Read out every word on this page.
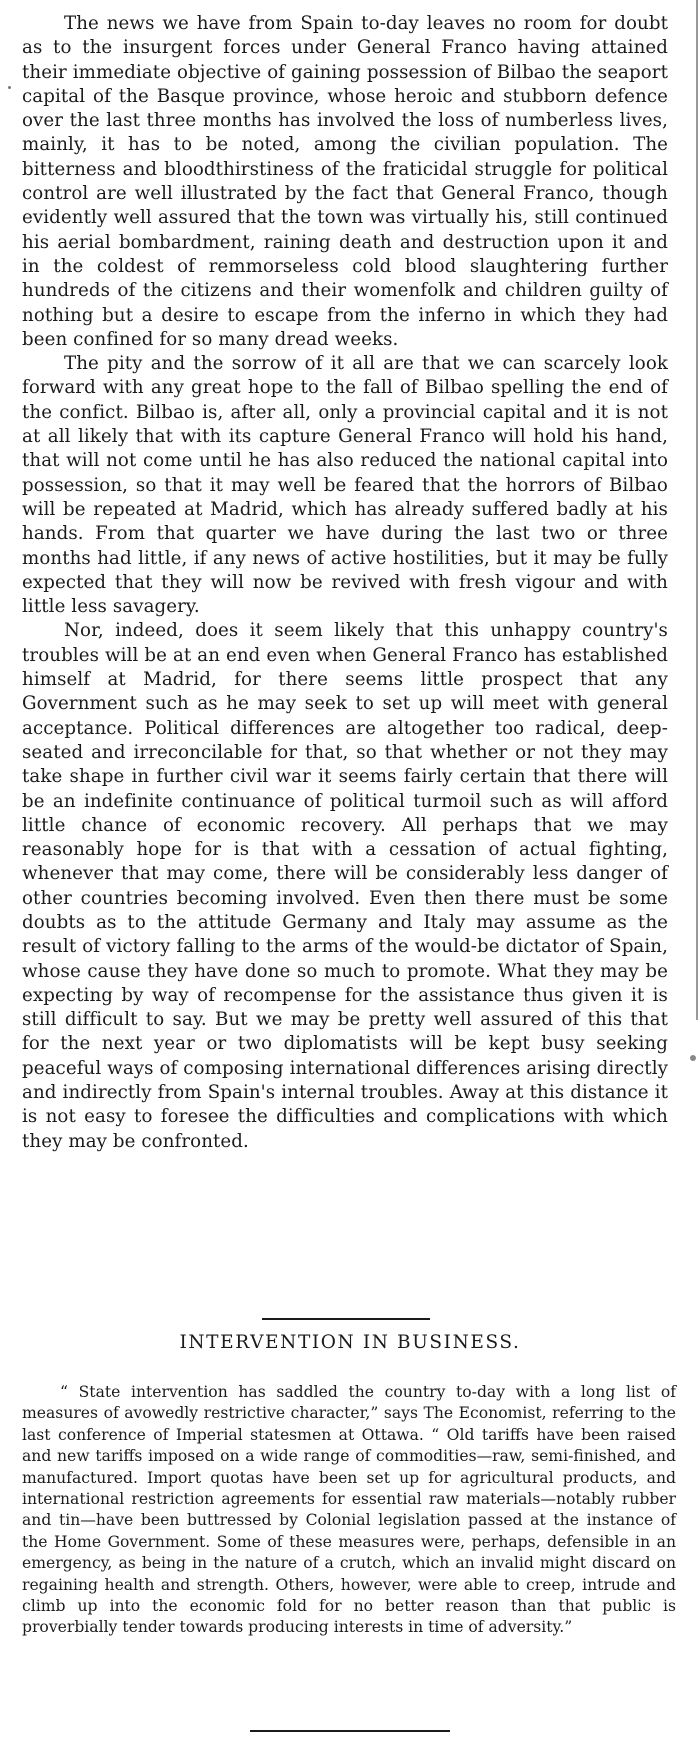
The news we have from Spain to-day leaves no room for doubt as to the insurgent forces under General Franco having attained their immediate objective of gaining possession of Bilbao the seaport capital of the Basque province, whose heroic and stubborn defence over the last three months has involved the loss of numberless lives, mainly, it has to be noted, among the civilian population. The bitterness and bloodthirstiness of the fraticidal struggle for political control are well illustrated by the fact that General Franco, though evidently well assured that the town was virtually his, still continued his aerial bombardment, raining death and destruction upon it and in the coldest of remmorseless cold blood slaughtering further hundreds of the citizens and their womenfolk and children guilty of nothing but a desire to escape from the inferno in which they had been confined for so many dread weeks.

The pity and the sorrow of it all are that we can scarcely look forward with any great hope to the fall of Bilbao spelling the end of the confict. Bilbao is, after all, only a provincial capital and it is not at all likely that with its capture General Franco will hold his hand, that will not come until he has also reduced the national capital into possession, so that it may well be feared that the horrors of Bilbao will be repeated at Madrid, which has already suffered badly at his hands. From that quarter we have during the last two or three months had little, if any news of active hostilities, but it may be fully expected that they will now be revived with fresh vigour and with little less savagery.

Nor, indeed, does it seem likely that this unhappy country's troubles will be at an end even when General Franco has established himself at Madrid, for there seems little prospect that any Government such as he may seek to set up will meet with general acceptance. Political differences are altogether too radical, deep-seated and irreconcilable for that, so that whether or not they may take shape in further civil war it seems fairly certain that there will be an indefinite continuance of political turmoil such as will afford little chance of economic recovery. All perhaps that we may reasonably hope for is that with a cessation of actual fighting, whenever that may come, there will be considerably less danger of other countries becoming involved. Even then there must be some doubts as to the attitude Germany and Italy may assume as the result of victory falling to the arms of the would-be dictator of Spain, whose cause they have done so much to promote. What they may be expecting by way of recompense for the assistance thus given it is still difficult to say. But we may be pretty well assured of this that for the next year or two diplomatists will be kept busy seeking peaceful ways of composing international differences arising directly and indirectly from Spain's internal troubles. Away at this distance it is not easy to foresee the difficulties and complications with which they may be confronted.

INTERVENTION IN BUSINESS.

“ State intervention has saddled the country to-day with a long list of measures of avowedly restrictive character,” says The Economist, referring to the last conference of Imperial statesmen at Ottawa. “ Old tariffs have been raised and new tariffs imposed on a wide range of commodities—raw, semi-finished, and manufactured. Import quotas have been set up for agricultural products, and international restriction agreements for essential raw materials—notably rubber and tin—have been buttressed by Colonial legislation passed at the instance of the Home Government. Some of these measures were, perhaps, defensible in an emergency, as being in the nature of a crutch, which an invalid might discard on regaining health and strength. Others, however, were able to creep, intrude and climb up into the economic fold for no better reason than that public is proverbially tender towards producing interests in time of adversity.”
